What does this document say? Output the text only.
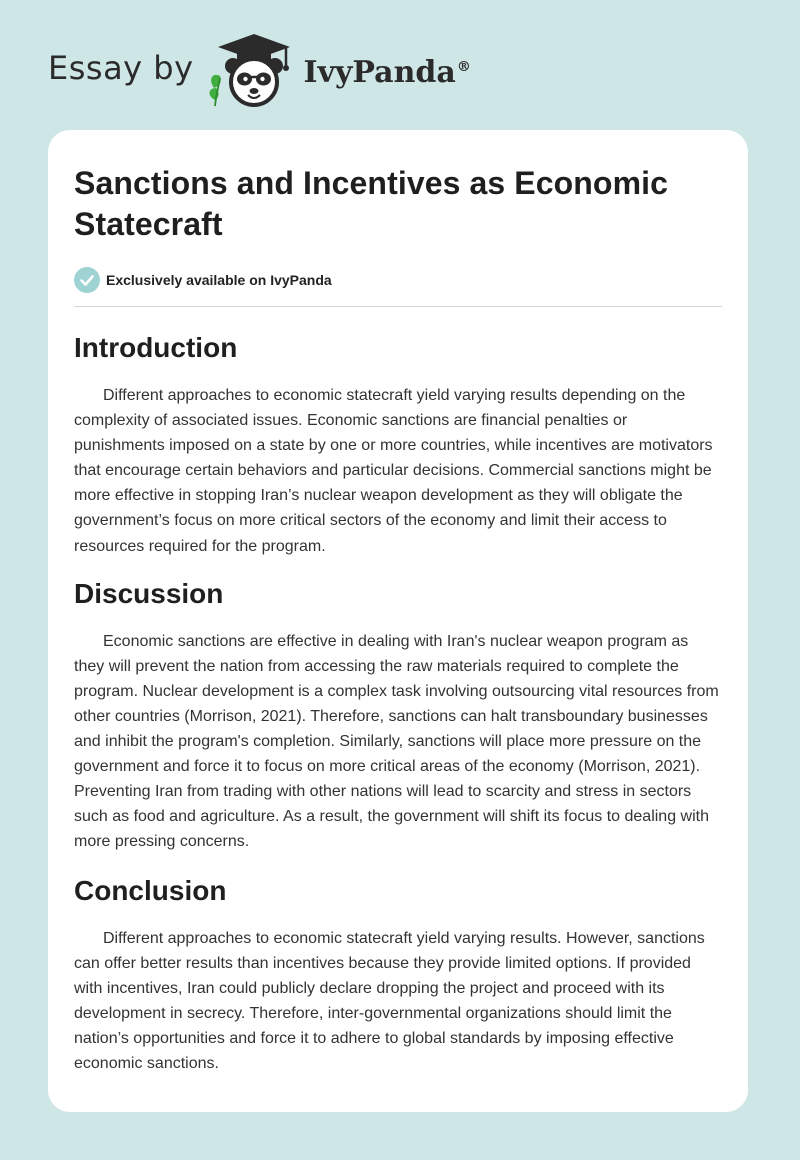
Essay by	IvyPanda®
Sanctions and Incentives as Economic Statecraft
Exclusively available on IvyPanda
Introduction

Different approaches to economic statecraft yield varying results depending on the complexity of associated issues. Economic sanctions are financial penalties or punishments imposed on a state by one or more countries, while incentives are motivators that encourage certain behaviors and particular decisions. Commercial sanctions might be more effective in stopping Iran’s nuclear weapon development as they will obligate the government’s focus on more critical sectors of the economy and limit their access to resources required for the program.

Discussion

Economic sanctions are effective in dealing with Iran's nuclear weapon program as they will prevent the nation from accessing the raw materials required to complete the program. Nuclear development is a complex task involving outsourcing vital resources from other countries (Morrison, 2021). Therefore, sanctions can halt transboundary businesses and inhibit the program's completion. Similarly, sanctions will place more pressure on the government and force it to focus on more critical areas of the economy (Morrison, 2021). Preventing Iran from trading with other nations will lead to scarcity and stress in sectors such as food and agriculture. As a result, the government will shift its focus to dealing with more pressing concerns.

Conclusion

Different approaches to economic statecraft yield varying results. However, sanctions can offer better results than incentives because they provide limited options. If provided with incentives, Iran could publicly declare dropping the project and proceed with its development in secrecy. Therefore, inter-governmental organizations should limit the nation’s opportunities and force it to adhere to global standards by imposing effective economic sanctions.
